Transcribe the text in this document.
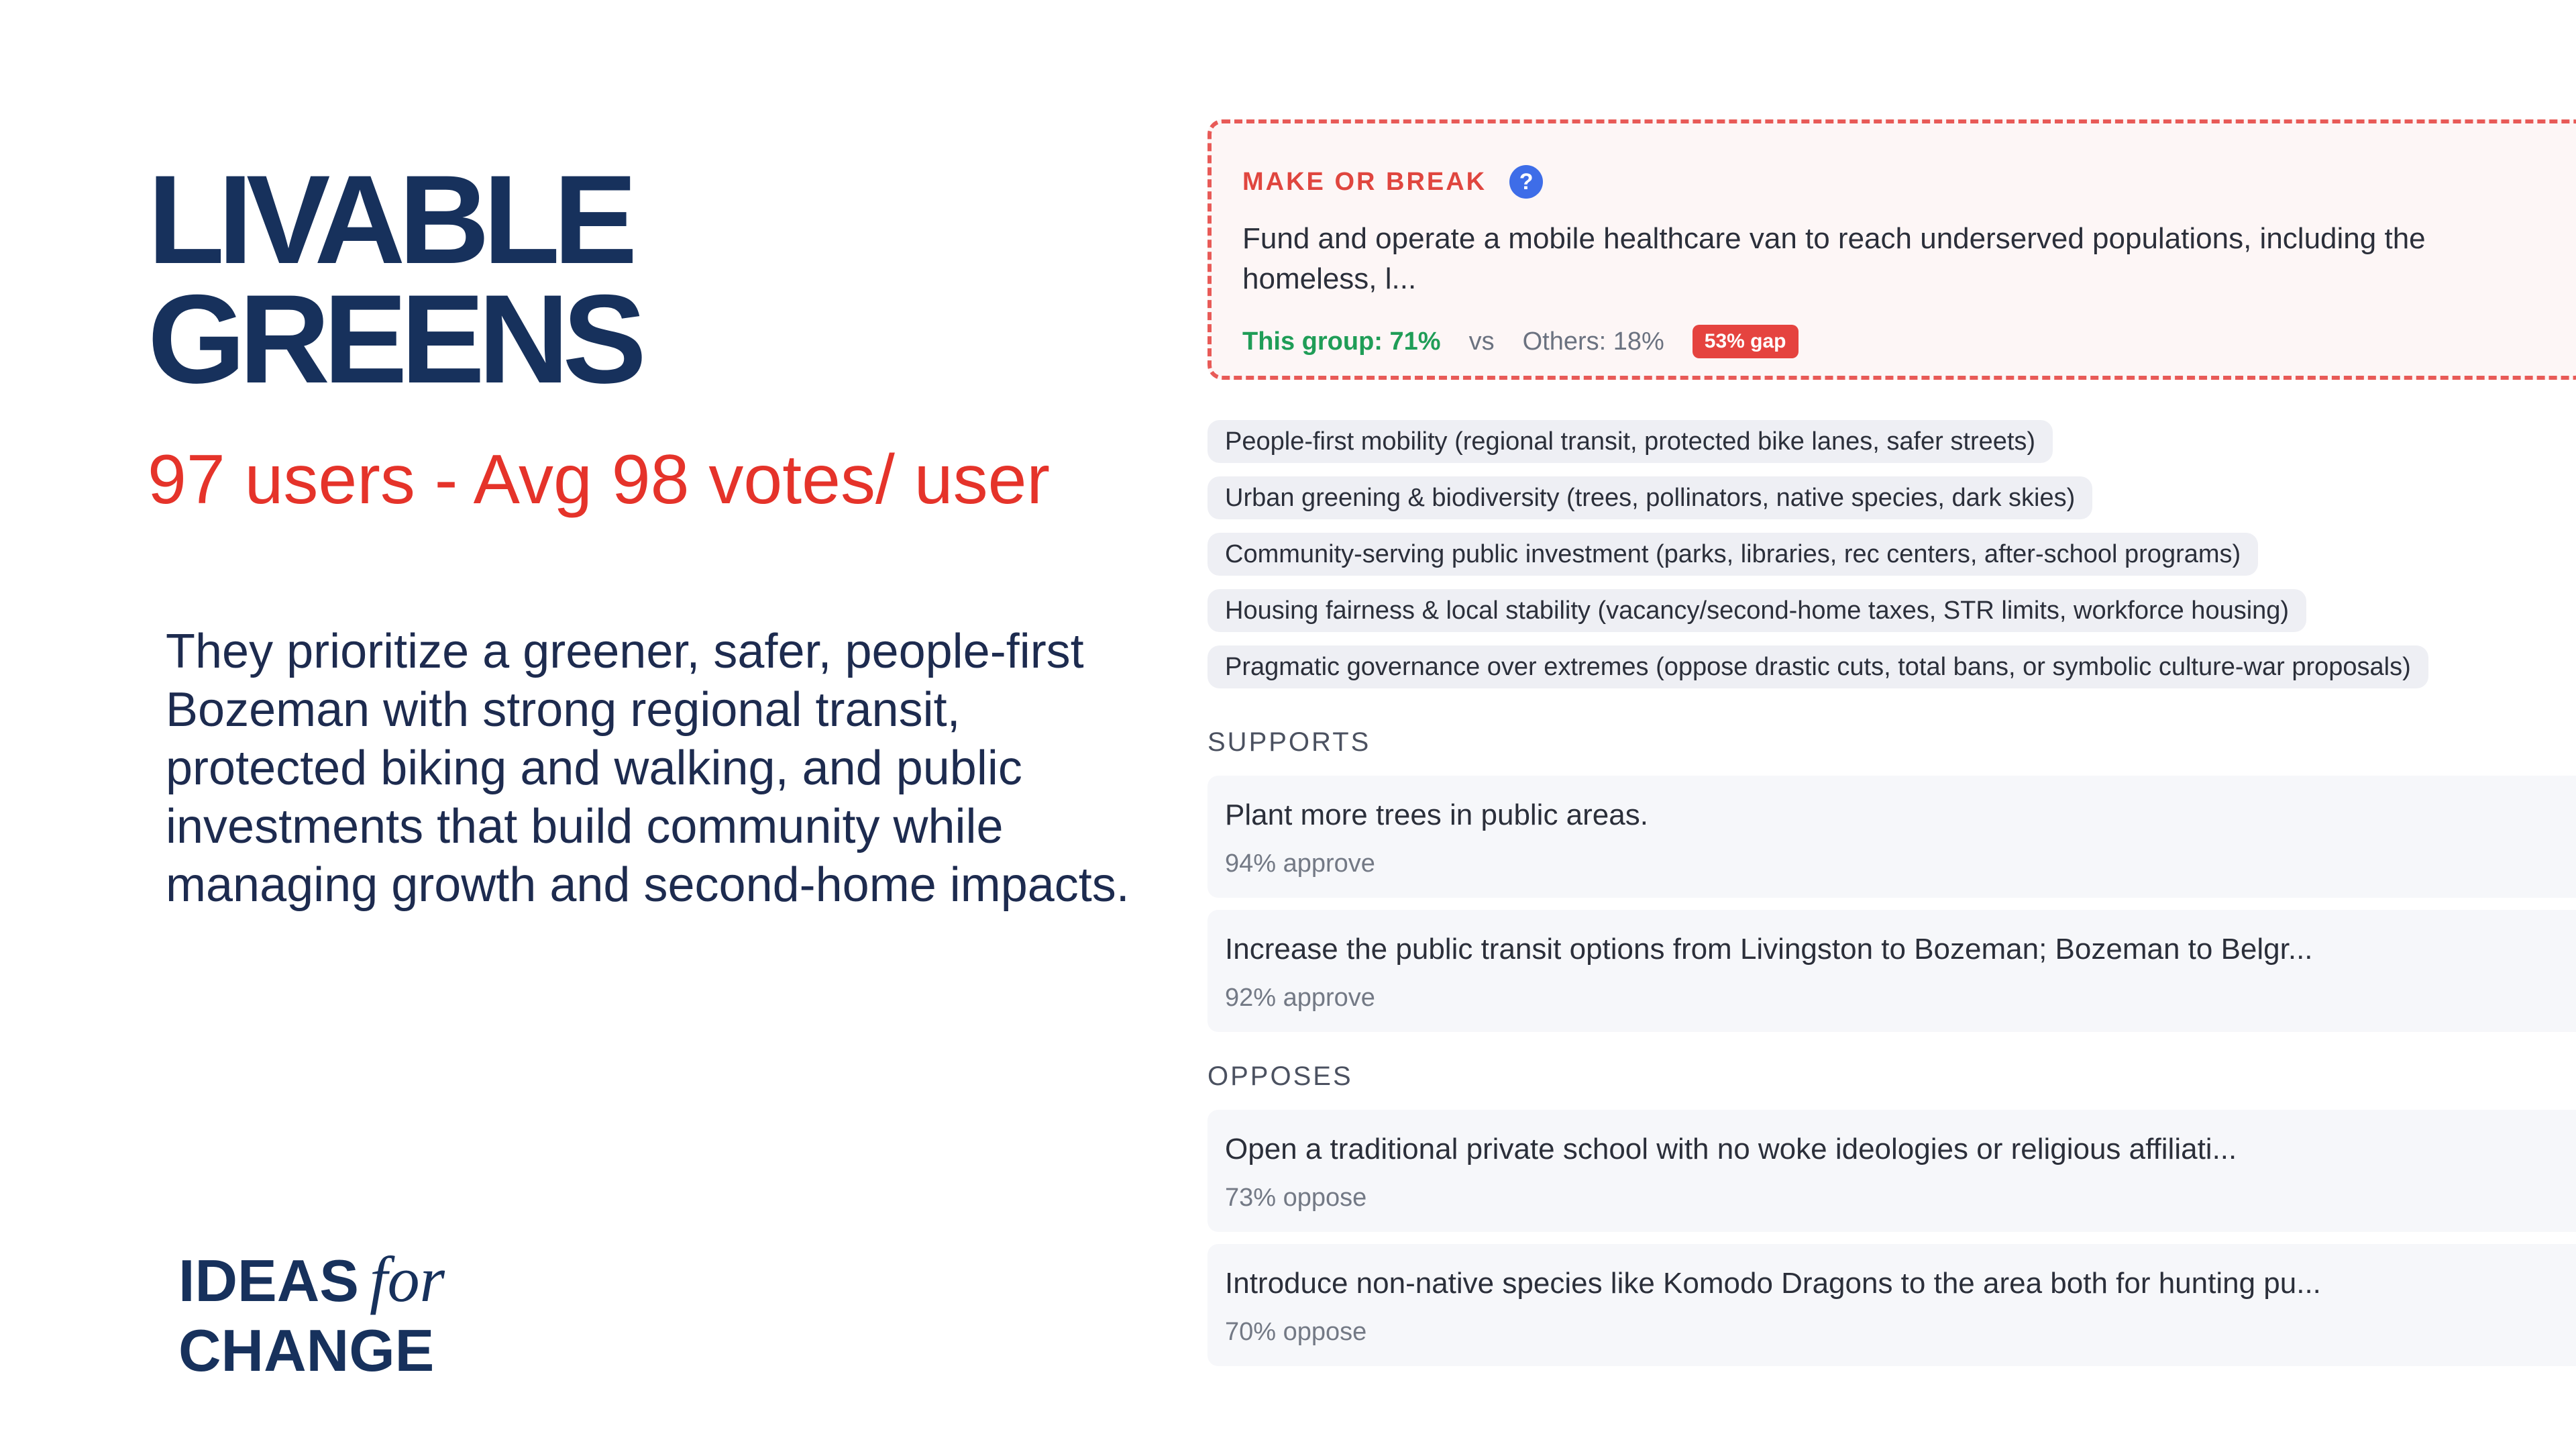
LIVABLE
GREENS

97 users - Avg 98 votes/ user

They prioritize a greener, safer, people-first Bozeman with strong regional transit, protected biking and walking, and public investments that build community while managing growth and second-home impacts.

IDEAS for
CHANGE
MAKE OR BREAK	?

Fund and operate a mobile healthcare van to reach underserved populations, including the homeless, l...

This group: 71% vs Others: 18%	53% gap
People-first mobility (regional transit, protected bike lanes, safer streets)
Urban greening & biodiversity (trees, pollinators, native species, dark skies)
Community-serving public investment (parks, libraries, rec centers, after-school programs)
Housing fairness & local stability (vacancy/second-home taxes, STR limits, workforce housing)
Pragmatic governance over extremes (oppose drastic cuts, total bans, or symbolic culture-war proposals)
SUPPORTS
Plant more trees in public areas.
94% approve
Increase the public transit options from Livingston to Bozeman; Bozeman to Belgr...
92% approve
OPPOSES
Open a traditional private school with no woke ideologies or religious affiliati...
73% oppose
Introduce non-native species like Komodo Dragons to the area both for hunting pu...
70% oppose
